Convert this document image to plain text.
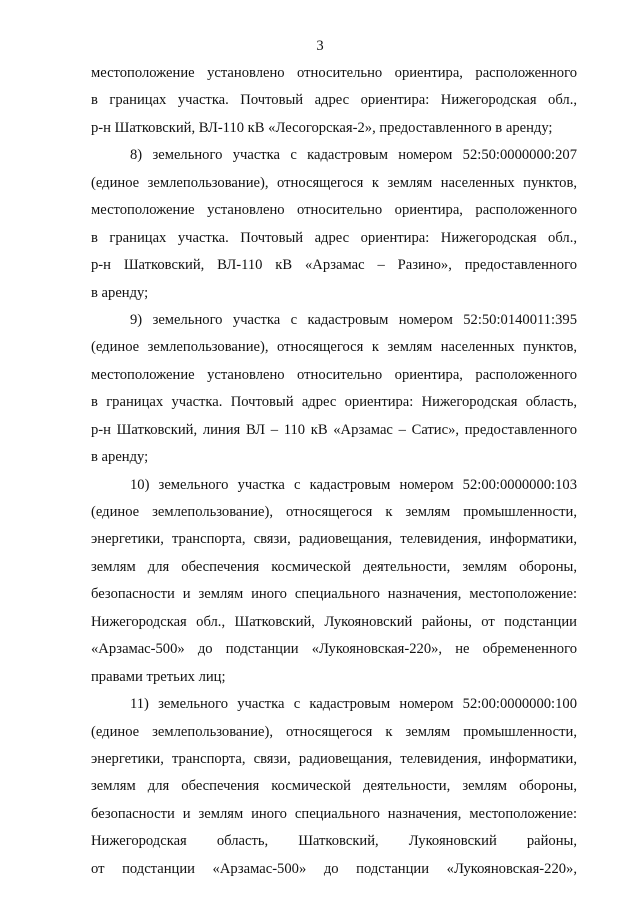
3
местоположение установлено относительно ориентира, расположенного
в границах участка. Почтовый адрес ориентира: Нижегородская обл.,
р-н Шатковский, ВЛ-110 кВ «Лесогорская-2», предоставленного в аренду;
8) земельного участка с кадастровым номером 52:50:0000000:207
(единое землепользование), относящегося к землям населенных пунктов,
местоположение установлено относительно ориентира, расположенного
в границах участка. Почтовый адрес ориентира: Нижегородская обл.,
р-н Шатковский, ВЛ-110 кВ «Арзамас – Разино», предоставленного
в аренду;
9) земельного участка с кадастровым номером 52:50:0140011:395
(единое землепользование), относящегося к землям населенных пунктов,
местоположение установлено относительно ориентира, расположенного
в границах участка. Почтовый адрес ориентира: Нижегородская область,
р-н Шатковский, линия ВЛ – 110 кВ «Арзамас – Сатис», предоставленного
в аренду;
10) земельного участка с кадастровым номером 52:00:0000000:103
(единое землепользование), относящегося к землям промышленности,
энергетики, транспорта, связи, радиовещания, телевидения, информатики,
землям для обеспечения космической деятельности, землям обороны,
безопасности и землям иного специального назначения, местоположение:
Нижегородская обл., Шатковский, Лукояновский районы, от подстанции
«Арзамас-500» до подстанции «Лукояновская-220», не обремененного
правами третьих лиц;
11) земельного участка с кадастровым номером 52:00:0000000:100
(единое землепользование), относящегося к землям промышленности,
энергетики, транспорта, связи, радиовещания, телевидения, информатики,
землям для обеспечения космической деятельности, землям обороны,
безопасности и землям иного специального назначения, местоположение:
Нижегородская область, Шатковский, Лукояновский районы,
от подстанции «Арзамас-500» до подстанции «Лукояновская-220»,
